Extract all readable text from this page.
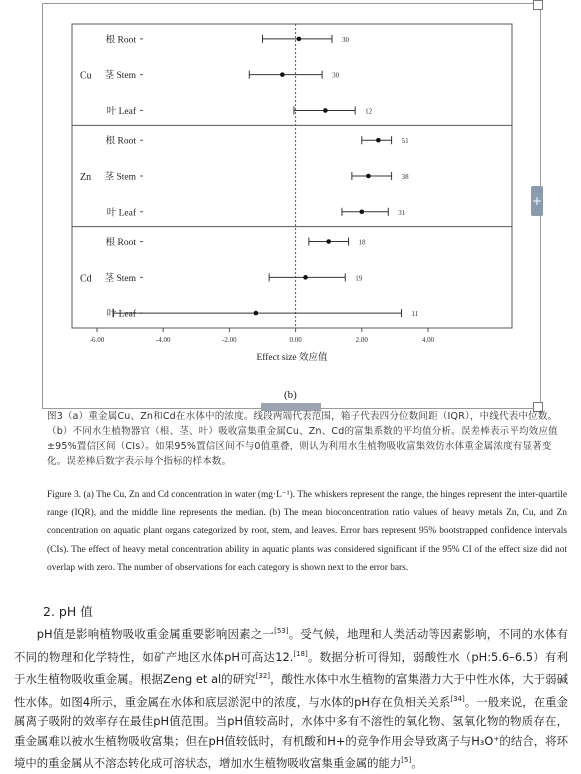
+
Cu
根 Root	30
茎 Stem	30
叶 Leaf	12
Zn
根 Root	51
茎 Stem	38
叶 Leaf	31
Cd
根 Root	18
茎 Stem	19
叶 Leaf	11
-6.00	-4.00	-2.00	0.00	2.00	4.00
Effect size 效应值
(b)
图3（a）重金属Cu、Zn和Cd在水体中的浓度。线段两端代表范围，箱子代表四分位数间距（IQR），中线代表中位数。（b）不同水生植物器官（根、茎、叶）吸收富集重金属Cu、Zn、Cd的富集系数的平均值分析。误差棒表示平均效应值±95%置信区间（CIs）。如果95%置信区间不与0值重叠，则认为利用水生植物吸收富集效仿水体重金属浓度有显著变化。误差棒后数字表示每个指标的样本数。
Figure 3. (a) The Cu, Zn and Cd concentration in water (mg·L⁻¹). The whiskers represent the range, the hinges represent the inter-quartile range (IQR), and the middle line represents the median. (b) The mean bioconcentration ratio values of heavy metals Zn, Cu, and Zn concentration on aquatic plant organs categorized by root, stem, and leaves. Error bars represent 95% bootstrapped confidence intervals (CIs). The effect of heavy metal concentration ability in aquatic plants was considered significant if the 95% CI of the effect size did not overlap with zero. The number of observations for each category is shown next to the error bars.
2. pH 值
pH值是影响植物吸收重金属重要影响因素之一[53]。受气候，地理和人类活动等因素影响，不同的水体有不同的物理和化学特性，如矿产地区水体pH可高达12.[18]。数据分析可得知，弱酸性水（pH:5.6–6.5）有利于水生植物吸收重金属。根据Zeng et al的研究[32]，酸性水体中水生植物的富集潜力大于中性水体，大于弱碱性水体。如图4所示，重金属在水体和底层淤泥中的浓度，与水体的pH存在负相关关系[34]。一般来说，在重金属离子吸附的效率存在最佳pH值范围。当pH值较高时，水体中多有不溶性的氧化物、氢氧化物的物质存在，重金属难以被水生植物吸收富集；但在pH值较低时，有机酸和H+的竞争作用会导致离子与H₃O⁺的结合，将环境中的重金属从不溶态转化成可溶状态，增加水生植物吸收富集重金属的能力[5]。
